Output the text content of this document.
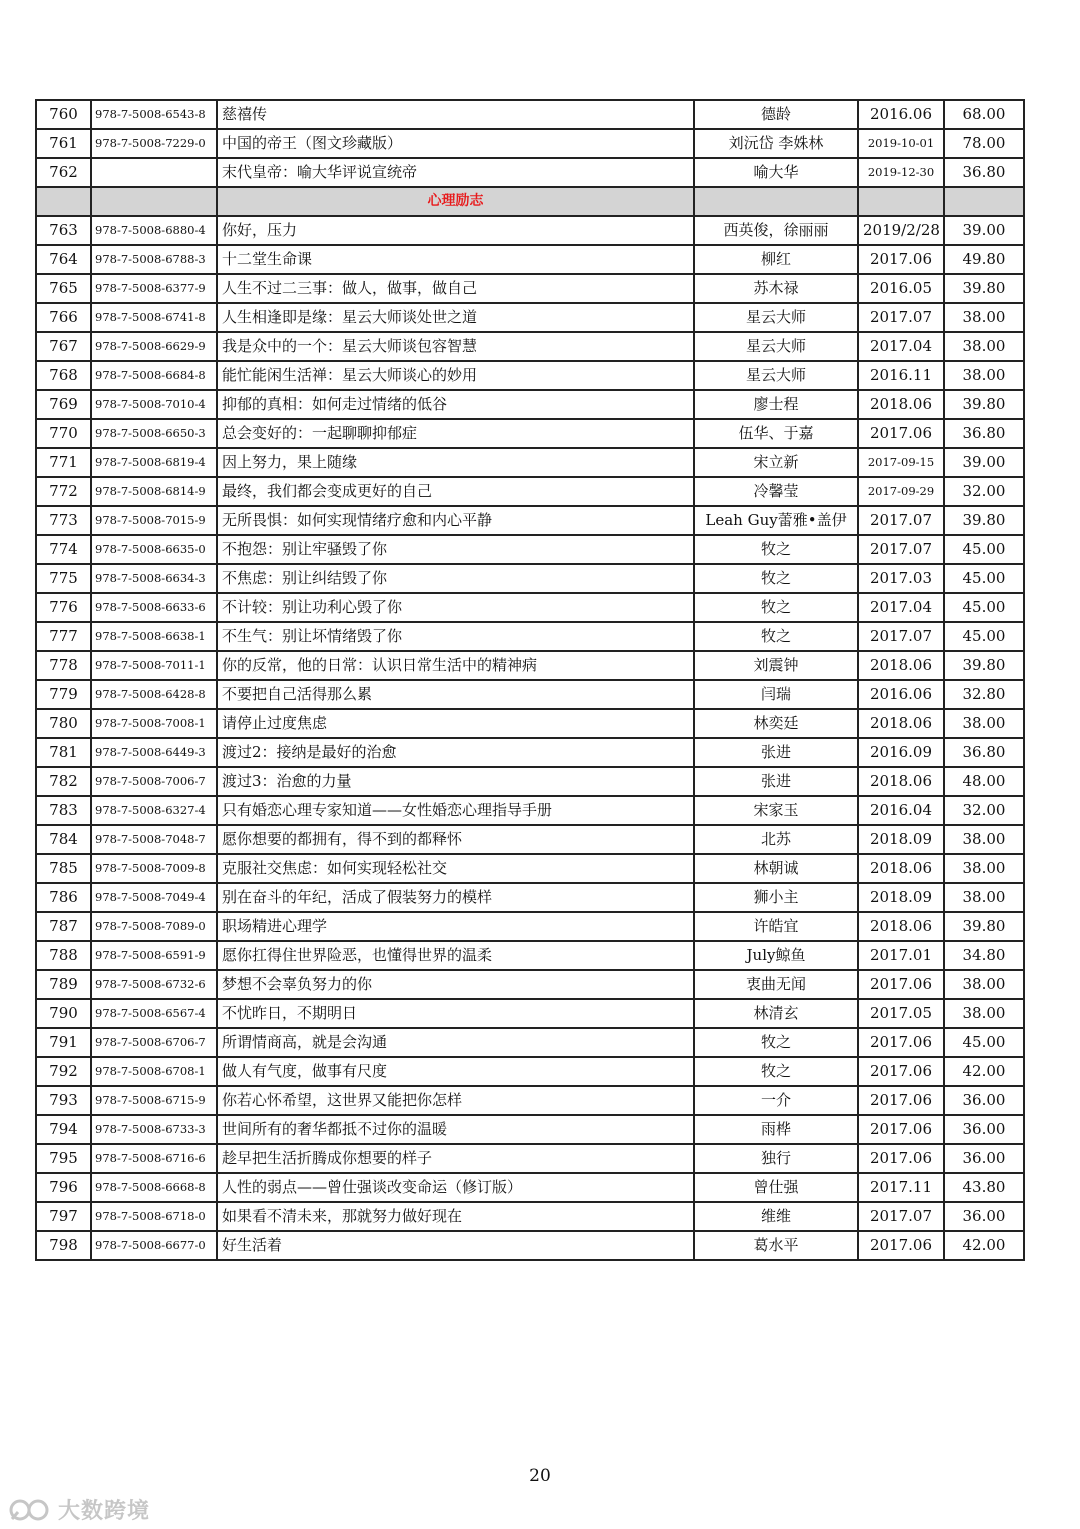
760	978-7-5008-6543-8	慈禧传	德龄	2016.06	68.00
761	978-7-5008-7229-0	中国的帝王（图文珍藏版）	刘沅岱 李姝林	2019-10-01	78.00
762		末代皇帝：喻大华评说宣统帝	喻大华	2019-12-30	36.80
		心理励志			
763	978-7-5008-6880-4	你好，压力	西英俊，徐丽丽	2019/2/28	39.00
764	978-7-5008-6788-3	十二堂生命课	柳红	2017.06	49.80
765	978-7-5008-6377-9	人生不过二三事：做人，做事，做自己	苏木禄	2016.05	39.80
766	978-7-5008-6741-8	人生相逢即是缘：星云大师谈处世之道	星云大师	2017.07	38.00
767	978-7-5008-6629-9	我是众中的一个：星云大师谈包容智慧	星云大师	2017.04	38.00
768	978-7-5008-6684-8	能忙能闲生活禅：星云大师谈心的妙用	星云大师	2016.11	38.00
769	978-7-5008-7010-4	抑郁的真相：如何走过情绪的低谷	廖士程	2018.06	39.80
770	978-7-5008-6650-3	总会变好的：一起聊聊抑郁症	伍华、于嘉	2017.06	36.80
771	978-7-5008-6819-4	因上努力，果上随缘	宋立新	2017-09-15	39.00
772	978-7-5008-6814-9	最终，我们都会变成更好的自己	冷馨莹	2017-09-29	32.00
773	978-7-5008-7015-9	无所畏惧：如何实现情绪疗愈和内心平静	Leah Guy蕾雅•盖伊	2017.07	39.80
774	978-7-5008-6635-0	不抱怨：别让牢骚毁了你	牧之	2017.07	45.00
775	978-7-5008-6634-3	不焦虑：别让纠结毁了你	牧之	2017.03	45.00
776	978-7-5008-6633-6	不计较：别让功利心毁了你	牧之	2017.04	45.00
777	978-7-5008-6638-1	不生气：别让坏情绪毁了你	牧之	2017.07	45.00
778	978-7-5008-7011-1	你的反常，他的日常：认识日常生活中的精神病	刘震钟	2018.06	39.80
779	978-7-5008-6428-8	不要把自己活得那么累	闫瑞	2016.06	32.80
780	978-7-5008-7008-1	请停止过度焦虑	林奕廷	2018.06	38.00
781	978-7-5008-6449-3	渡过2：接纳是最好的治愈	张进	2016.09	36.80
782	978-7-5008-7006-7	渡过3：治愈的力量	张进	2018.06	48.00
783	978-7-5008-6327-4	只有婚恋心理专家知道——女性婚恋心理指导手册	宋家玉	2016.04	32.00
784	978-7-5008-7048-7	愿你想要的都拥有，得不到的都释怀	北苏	2018.09	38.00
785	978-7-5008-7009-8	克服社交焦虑：如何实现轻松社交	林朝诚	2018.06	38.00
786	978-7-5008-7049-4	别在奋斗的年纪，活成了假装努力的模样	狮小主	2018.09	38.00
787	978-7-5008-7089-0	职场精进心理学	许皓宜	2018.06	39.80
788	978-7-5008-6591-9	愿你扛得住世界险恶，也懂得世界的温柔	July鲸鱼	2017.01	34.80
789	978-7-5008-6732-6	梦想不会辜负努力的你	衷曲无闻	2017.06	38.00
790	978-7-5008-6567-4	不忧昨日，不期明日	林清玄	2017.05	38.00
791	978-7-5008-6706-7	所谓情商高，就是会沟通	牧之	2017.06	45.00
792	978-7-5008-6708-1	做人有气度，做事有尺度	牧之	2017.06	42.00
793	978-7-5008-6715-9	你若心怀希望，这世界又能把你怎样	一介	2017.06	36.00
794	978-7-5008-6733-3	世间所有的奢华都抵不过你的温暖	雨桦	2017.06	36.00
795	978-7-5008-6716-6	趁早把生活折腾成你想要的样子	独行	2017.06	36.00
796	978-7-5008-6668-8	人性的弱点——曾仕强谈改变命运（修订版）	曾仕强	2017.11	43.80
797	978-7-5008-6718-0	如果看不清未来，那就努力做好现在	维维	2017.07	36.00
798	978-7-5008-6677-0	好生活着	葛水平	2017.06	42.00
20
大数跨境
